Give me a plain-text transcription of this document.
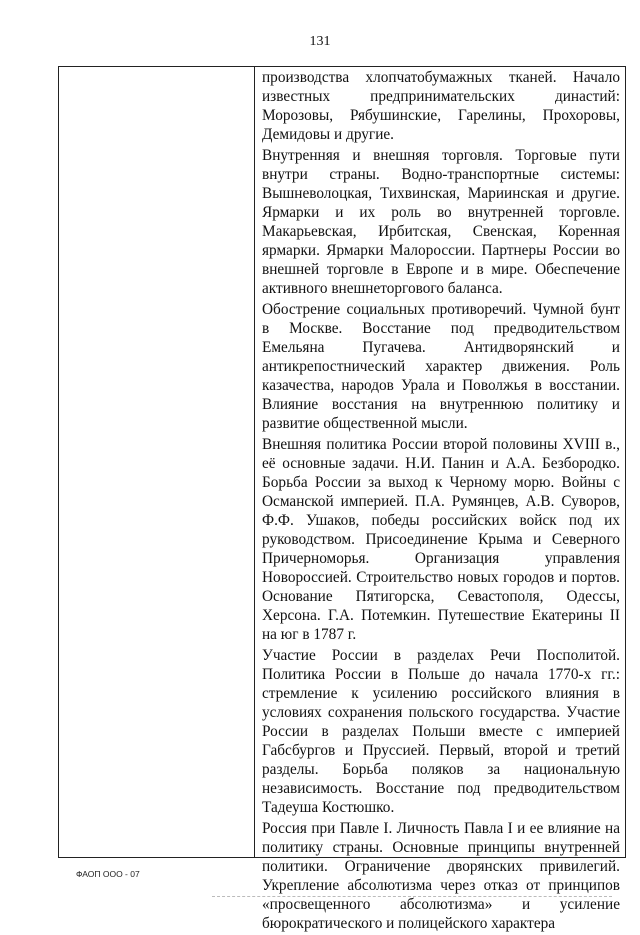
131

производства хлопчатобумажных тканей. Начало известных предпринимательских династий: Морозовы, Рябушинские, Гарелины, Прохоровы, Демидовы и другие.

Внутренняя и внешняя торговля. Торговые пути внутри страны. Водно-транспортные системы: Вышневолоцкая, Тихвинская, Мариинская и другие. Ярмарки и их роль во внутренней торговле. Макарьевская, Ирбитская, Свенская, Коренная ярмарки. Ярмарки Малороссии. Партнеры России во внешней торговле в Европе и в мире. Обеспечение активного внешнеторгового баланса.

Обострение социальных противоречий. Чумной бунт в Москве. Восстание под предводительством Емельяна Пугачева. Антидворянский и антикрепостнический характер движения. Роль казачества, народов Урала и Поволжья в восстании. Влияние восстания на внутреннюю политику и развитие общественной мысли.

Внешняя политика России второй половины XVIII в., её основные задачи. Н.И. Панин и А.А. Безбородко. Борьба России за выход к Черному морю. Войны с Османской империей. П.А. Румянцев, А.В. Суворов, Ф.Ф. Ушаков, победы российских войск под их руководством. Присоединение Крыма и Северного Причерноморья. Организация управления Новороссией. Строительство новых городов и портов. Основание Пятигорска, Севастополя, Одессы, Херсона. Г.А. Потемкин. Путешествие Екатерины II на юг в 1787 г.

Участие России в разделах Речи Посполитой. Политика России в Польше до начала 1770-х гг.: стремление к усилению российского влияния в условиях сохранения польского государства. Участие России в разделах Польши вместе с империей Габсбургов и Пруссией. Первый, второй и третий разделы. Борьба поляков за национальную независимость. Восстание под предводительством Тадеуша Костюшко.

Россия при Павле I. Личность Павла I и ее влияние на политику страны. Основные принципы внутренней политики. Ограничение дворянских привилегий. Укрепление абсолютизма через отказ от принципов «просвещенного абсолютизма» и усиление бюрократического и полицейского характера

ФАОП ООО - 07
